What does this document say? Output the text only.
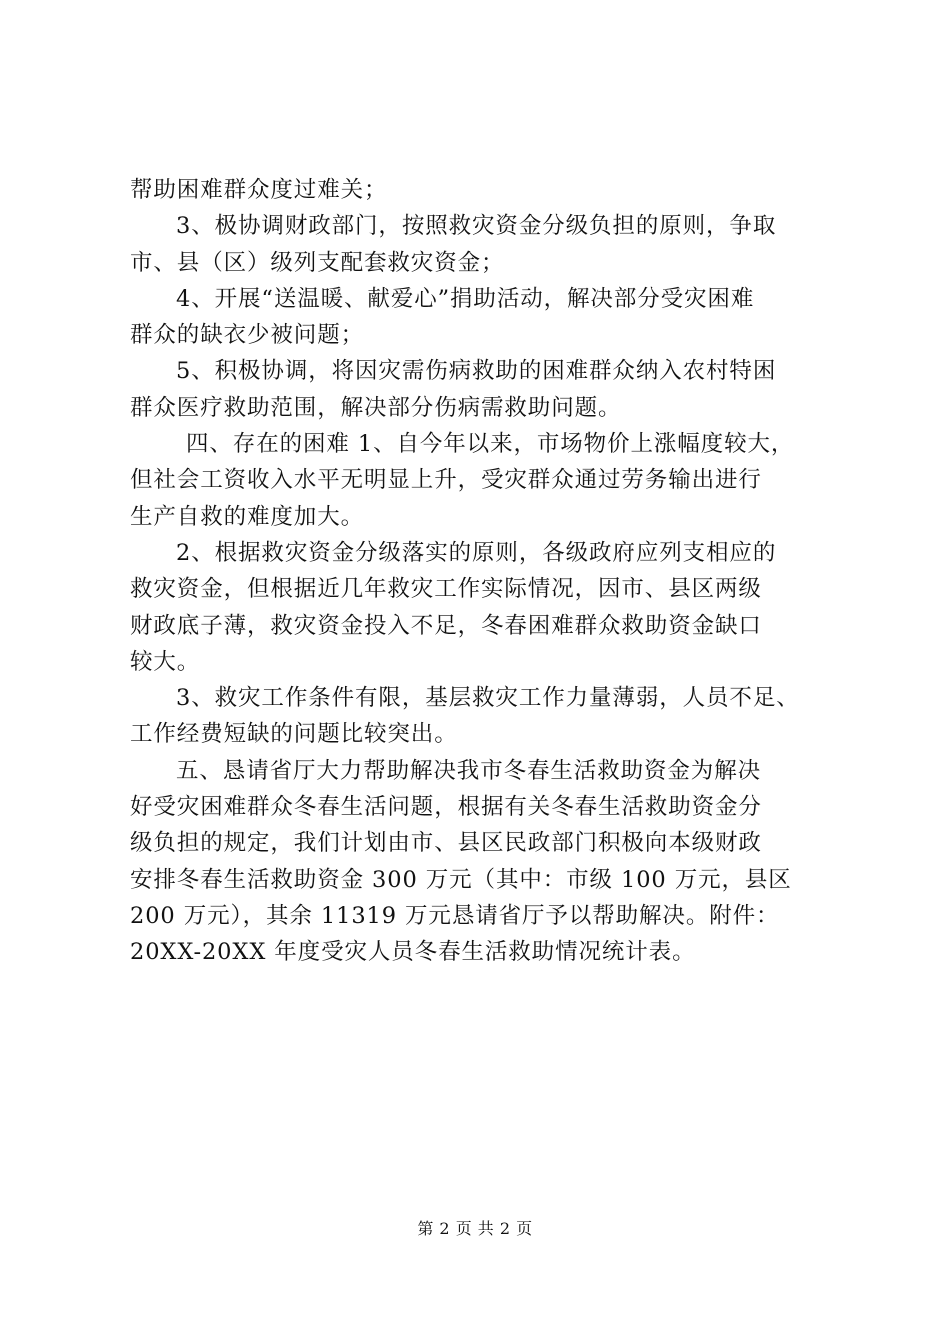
帮助困难群众度过难关；
3、极协调财政部门，按照救灾资金分级负担的原则，争取
市、县（区）级列支配套救灾资金；
4、开展“送温暖、献爱心”捐助活动，解决部分受灾困难
群众的缺衣少被问题；
5、积极协调，将因灾需伤病救助的困难群众纳入农村特困
群众医疗救助范围，解决部分伤病需救助问题。
四、存在的困难 1、自今年以来，市场物价上涨幅度较大，
但社会工资收入水平无明显上升，受灾群众通过劳务输出进行
生产自救的难度加大。
2、根据救灾资金分级落实的原则，各级政府应列支相应的
救灾资金，但根据近几年救灾工作实际情况，因市、县区两级
财政底子薄，救灾资金投入不足，冬春困难群众救助资金缺口
较大。
3、救灾工作条件有限，基层救灾工作力量薄弱，人员不足、
工作经费短缺的问题比较突出。
五、恳请省厅大力帮助解决我市冬春生活救助资金为解决
好受灾困难群众冬春生活问题，根据有关冬春生活救助资金分
级负担的规定，我们计划由市、县区民政部门积极向本级财政
安排冬春生活救助资金 300 万元（其中：市级 100 万元，县区
200 万元），其余 11319 万元恳请省厅予以帮助解决。附件：
20XX-20XX 年度受灾人员冬春生活救助情况统计表。
第 2 页 共 2 页
